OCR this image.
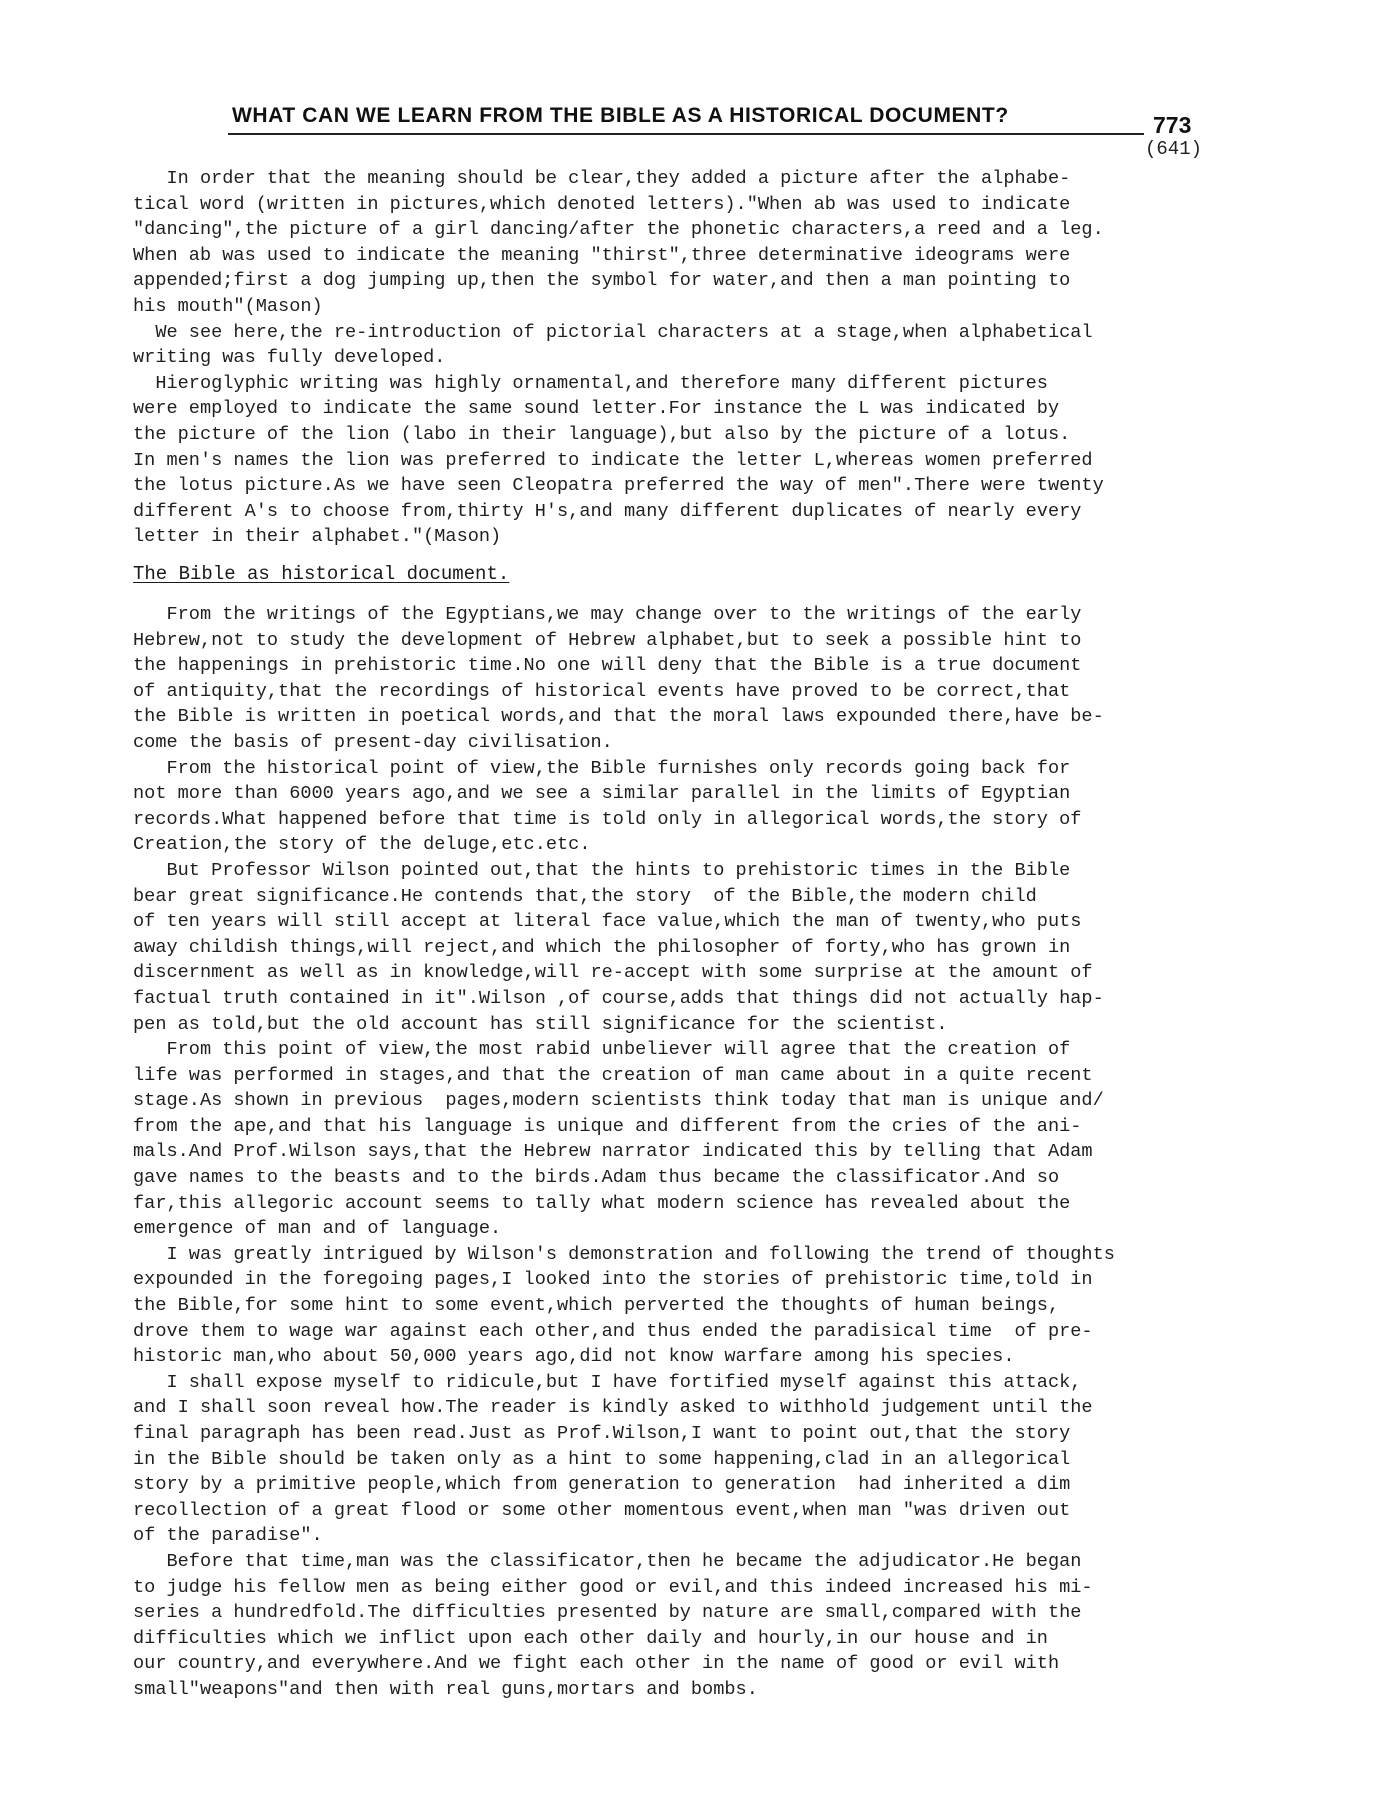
WHAT CAN WE LEARN FROM THE BIBLE AS A HISTORICAL DOCUMENT?	773
(641)
In order that the meaning should be clear,they added a picture after the alphabe-
tical word (written in pictures,which denoted letters)."When ab was used to indicate
"dancing",the picture of a girl dancing/after the phonetic characters,a reed and a leg.
When ab was used to indicate the meaning "thirst",three determinative ideograms were
appended;first a dog jumping up,then the symbol for water,and then a man pointing to
his mouth"(Mason)
We see here,the re-introduction of pictorial characters at a stage,when alphabetical
writing was fully developed.
Hieroglyphic writing was highly ornamental,and therefore many different pictures
were employed to indicate the same sound letter.For instance the L was indicated by
the picture of the lion (labo in their language),but also by the picture of a lotus.
In men's names the lion was preferred to indicate the letter L,whereas women preferred
the lotus picture.As we have seen Cleopatra preferred the way of men".There were twenty
different A's to choose from,thirty H's,and many different duplicates of nearly every
letter in their alphabet."(Mason)
The Bible as historical document.
From the writings of the Egyptians,we may change over to the writings of the early
Hebrew,not to study the development of Hebrew alphabet,but to seek a possible hint to
the happenings in prehistoric time.No one will deny that the Bible is a true document
of antiquity,that the recordings of historical events have proved to be correct,that
the Bible is written in poetical words,and that the moral laws expounded there,have be-
come the basis of present-day civilisation.
From the historical point of view,the Bible furnishes only records going back for
not more than 6000 years ago,and we see a similar parallel in the limits of Egyptian
records.What happened before that time is told only in allegorical words,the story of
Creation,the story of the deluge,etc.etc.
But Professor Wilson pointed out,that the hints to prehistoric times in the Bible
bear great significance.He contends that,the story  of the Bible,the modern child
of ten years will still accept at literal face value,which the man of twenty,who puts
away childish things,will reject,and which the philosopher of forty,who has grown in
discernment as well as in knowledge,will re-accept with some surprise at the amount of
factual truth contained in it".Wilson ,of course,adds that things did not actually hap-
pen as told,but the old account has still significance for the scientist.
From this point of view,the most rabid unbeliever will agree that the creation of
life was performed in stages,and that the creation of man came about in a quite recent
stage.As shown in previous  pages,modern scientists think today that man is unique and/
from the ape,and that his language is unique and different from the cries of the ani-
mals.And Prof.Wilson says,that the Hebrew narrator indicated this by telling that Adam
gave names to the beasts and to the birds.Adam thus became the classificator.And so
far,this allegoric account seems to tally what modern science has revealed about the
emergence of man and of language.
I was greatly intrigued by Wilson's demonstration and following the trend of thoughts
expounded in the foregoing pages,I looked into the stories of prehistoric time,told in
the Bible,for some hint to some event,which perverted the thoughts of human beings,
drove them to wage war against each other,and thus ended the paradisical time  of pre-
historic man,who about 50,000 years ago,did not know warfare among his species.
I shall expose myself to ridicule,but I have fortified myself against this attack,
and I shall soon reveal how.The reader is kindly asked to withhold judgement until the
final paragraph has been read.Just as Prof.Wilson,I want to point out,that the story
in the Bible should be taken only as a hint to some happening,clad in an allegorical
story by a primitive people,which from generation to generation  had inherited a dim
recollection of a great flood or some other momentous event,when man "was driven out
of the paradise".
Before that time,man was the classificator,then he became the adjudicator.He began
to judge his fellow men as being either good or evil,and this indeed increased his mi-
series a hundredfold.The difficulties presented by nature are small,compared with the
difficulties which we inflict upon each other daily and hourly,in our house and in
our country,and everywhere.And we fight each other in the name of good or evil with
small"weapons"and then with real guns,mortars and bombs.
